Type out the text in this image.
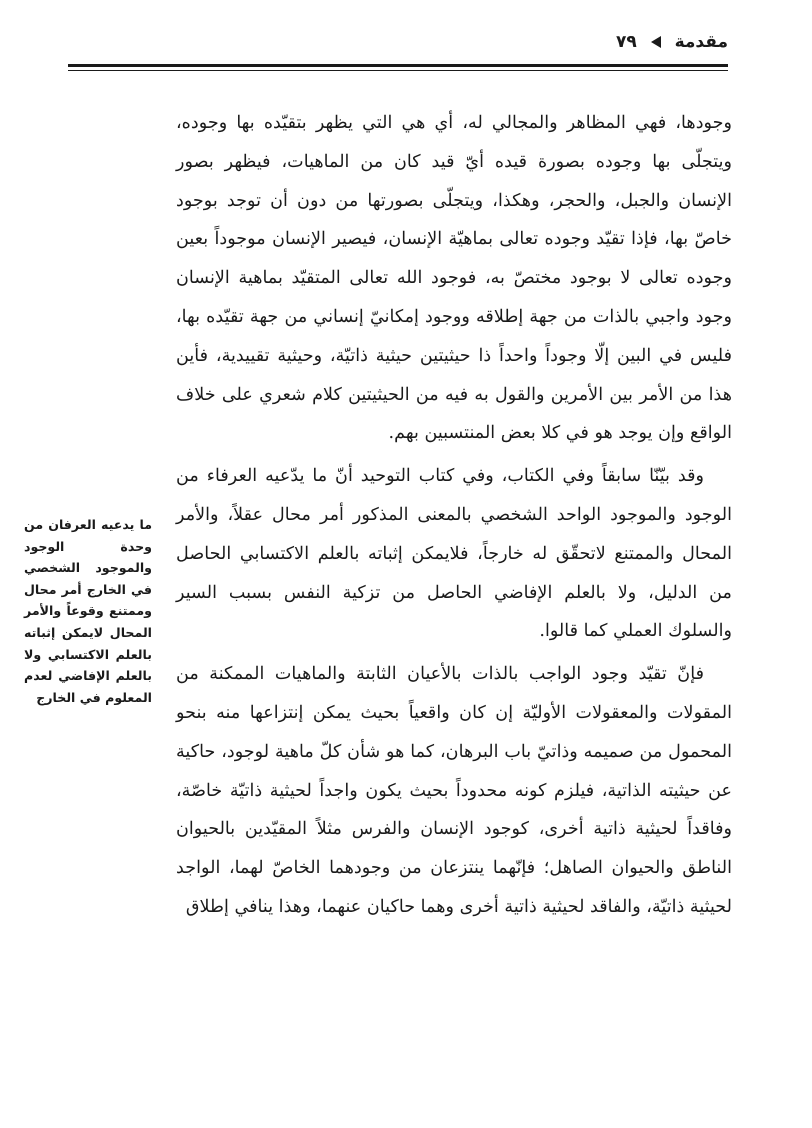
مقدمة  ٧٩

وجودها، فهي المظاهر والمجالي له، أي هي التي يظهر بتقيّده بها وجوده، ويتجلّى بها وجوده بصورة قيده أيّ قيد كان من الماهيات، فيظهر بصور الإنسان والجبل، والحجر، وهكذا، ويتجلّى بصورتها من دون أن توجد بوجود خاصّ بها، فإذا تقيّد وجوده تعالى بماهيّة الإنسان، فيصير الإنسان موجوداً بعين وجوده تعالى لا بوجود مختصّ به، فوجود الله تعالى المتقيّد بماهية الإنسان وجود واجبي بالذات من جهة إطلاقه ووجود إمكانيّ إنساني من جهة تقيّده بها، فليس في البين إلّا وجوداً واحداً ذا حيثيتين حيثية ذاتيّة، وحيثية تقييدية، فأين هذا من الأمر بين الأمرين والقول به فيه من الحيثيتين كلام شعري على خلاف الواقع وإن يوجد هو في كلا بعض المنتسبين بهم.

وقد بيّنّا سابقاً وفي الكتاب، وفي كتاب التوحيد أنّ ما يدّعيه العرفاء من الوجود والموجود الواحد الشخصي بالمعنى المذكور أمر محال عقلاً، والأمر المحال والممتنع لاتحقّق له خارجاً، فلايمكن إثباته بالعلم الاكتسابي الحاصل من الدليل، ولا بالعلم الإفاضي الحاصل من تزكية النفس بسبب السير والسلوك العملي كما قالوا.

فإنّ تقيّد وجود الواجب بالذات بالأعيان الثابتة والماهيات الممكنة من المقولات والمعقولات الأوليّة إن كان واقعياً بحيث يمكن إنتزاعها منه بنحو المحمول من صميمه وذاتيّ باب البرهان، كما هو شأن كلّ ماهية لوجود، حاكية عن حيثيته الذاتية، فيلزم كونه محدوداً بحيث يكون واجداً لحيثية ذاتيّة خاصّة، وفاقداً لحيثية ذاتية أخرى، كوجود الإنسان والفرس مثلاً المقيّدين بالحيوان الناطق والحيوان الصاهل؛ فإنّهما ينتزعان من وجودهما الخاصّ لهما، الواجد لحيثية ذاتيّة، والفاقد لحيثية ذاتية أخرى وهما حاكيان عنهما، وهذا ينافي إطلاق

ما يدعيه العرفان من وحدة الوجود والموجود الشخصي في الخارج أمر محال وممتنع وقوعاً والأمر المحال لايمكن إثباته بالعلم الاكتسابي ولا بالعلم الإفاضي لعدم المعلوم في الخارج
